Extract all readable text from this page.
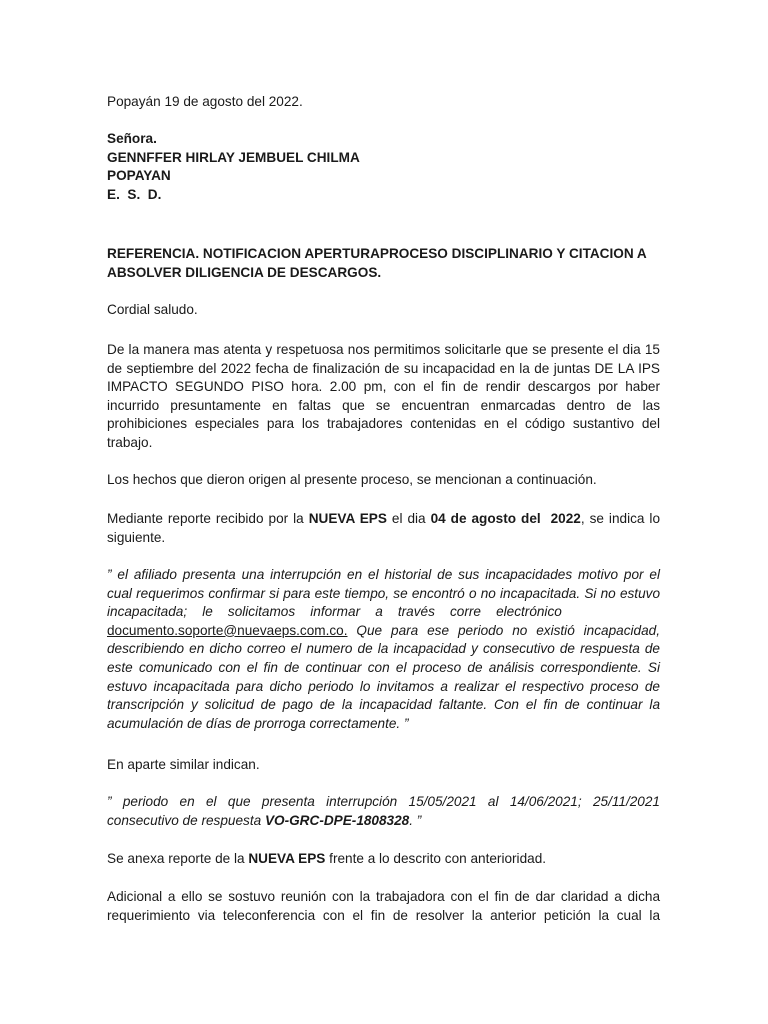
Popayán 19 de agosto del 2022.

Señora.
GENNFFER HIRLAY JEMBUEL CHILMA
POPAYAN
E.  S.  D.
REFERENCIA. NOTIFICACION APERTURAPROCESO DISCIPLINARIO Y CITACION A
ABSOLVER DILIGENCIA DE DESCARGOS.

Cordial saludo.

De la manera mas atenta y respetuosa nos permitimos solicitarle que se presente el dia 15
de septiembre del 2022 fecha de finalización de su incapacidad en la de juntas DE LA IPS
IMPACTO SEGUNDO PISO hora. 2.00 pm, con el fin de rendir descargos por haber
incurrido presuntamente en faltas que se encuentran enmarcadas dentro de las
prohibiciones especiales para los trabajadores contenidas en el código sustantivo del
trabajo.

Los hechos que dieron origen al presente proceso, se mencionan a continuación.

Mediante reporte recibido por la NUEVA EPS el dia 04 de agosto del  2022, se indica lo
siguiente.
” el afiliado presenta una interrupción en el historial de sus incapacidades motivo por el
cual requerimos confirmar si para este tiempo, se encontró o no incapacitada. Si no estuvo
incapacitada;    le    solicitamos    informar    a    través    corre    electrónico
documento.soporte@nuevaeps.com.co. Que para ese periodo no existió incapacidad,
describiendo en dicho correo el numero de la incapacidad y consecutivo de respuesta de
este comunicado con el fin de continuar con el proceso de análisis correspondiente. Si
estuvo incapacitada para dicho periodo lo invitamos a realizar el respectivo proceso de
transcripción y solicitud de pago de la incapacidad faltante. Con el fin de continuar la
acumulación de días de prorroga correctamente. ”

En aparte similar indican.

” periodo en el que presenta interrupción 15/05/2021 al 14/06/2021; 25/11/2021
consecutivo de respuesta VO-GRC-DPE-1808328. ”

Se anexa reporte de la NUEVA EPS frente a lo descrito con anterioridad.

Adicional a ello se sostuvo reunión con la trabajadora con el fin de dar claridad a dicha
requerimiento via teleconferencia con el fin de resolver la anterior petición la cual la
